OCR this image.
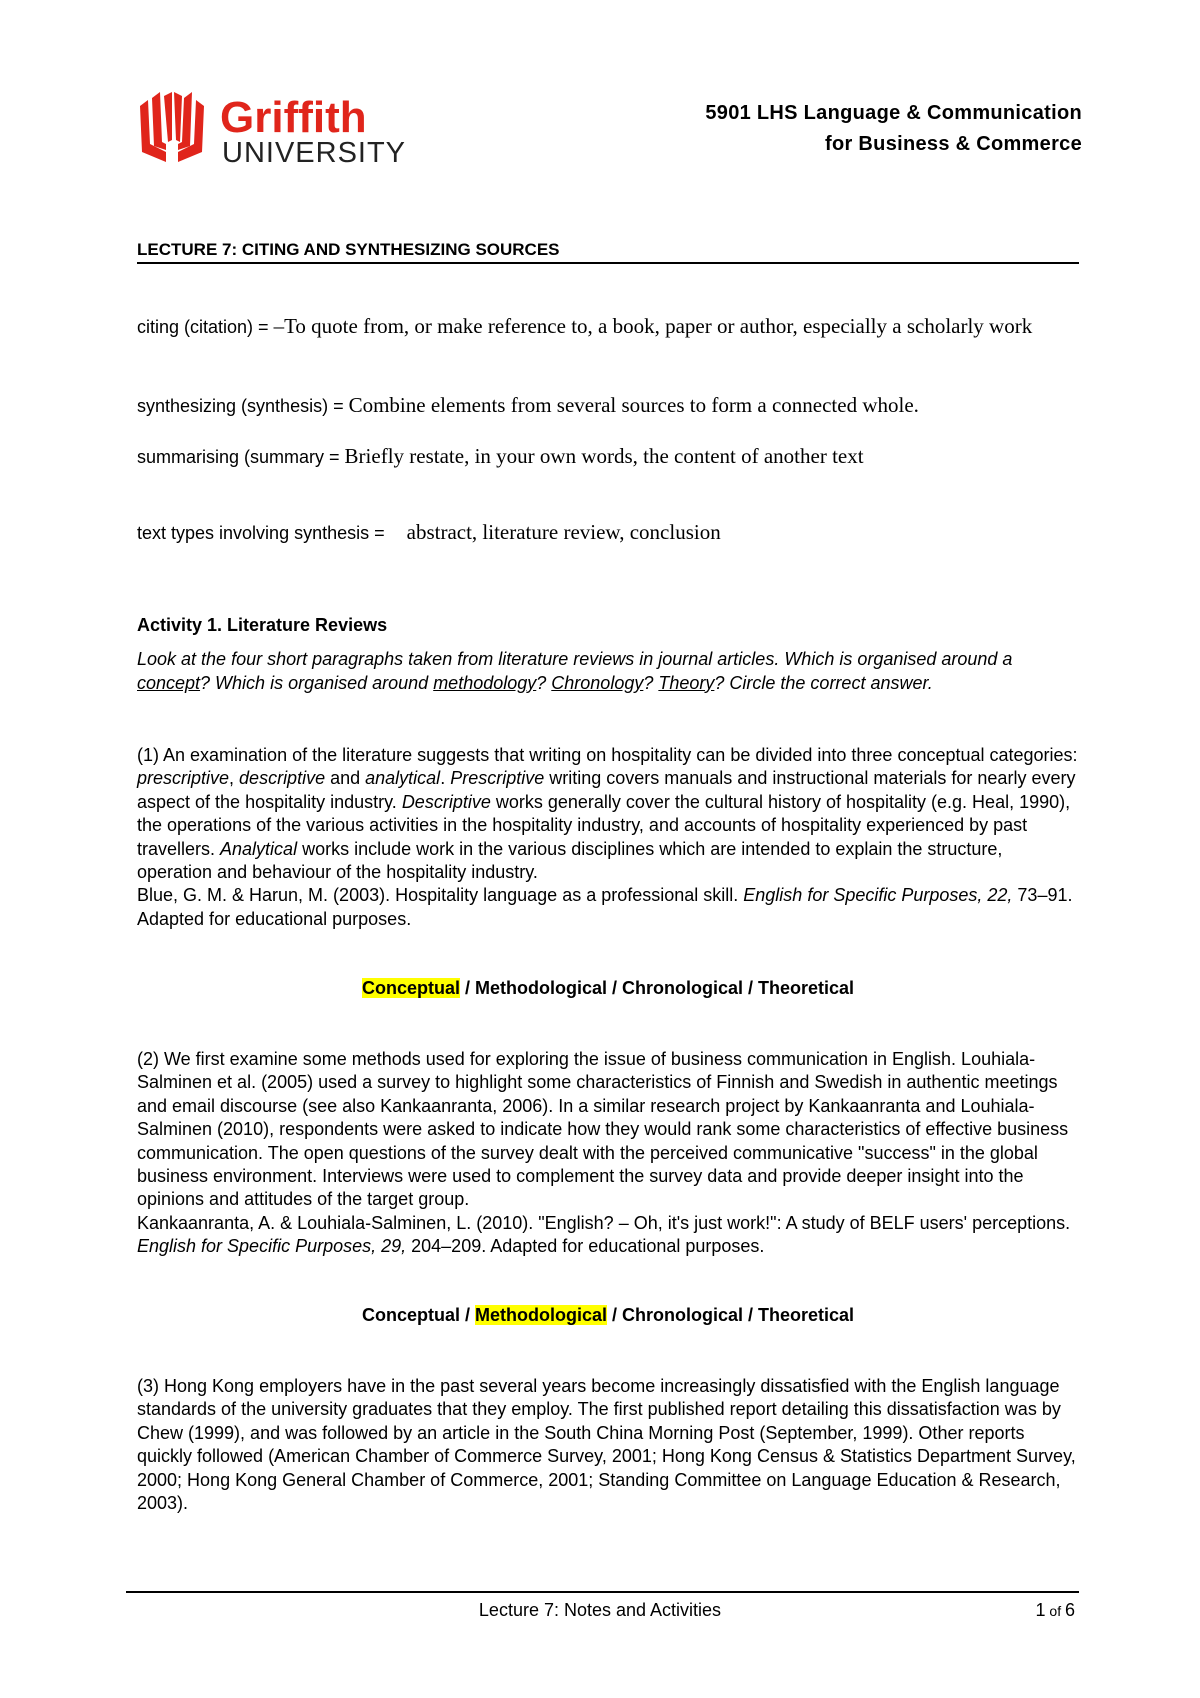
Griffith
UNIVERSITY
5901 LHS Language & Communication
for Business & Commerce
LECTURE 7: CITING AND SYNTHESIZING SOURCES
citing (citation) = –To quote from, or make reference to, a book, paper or author, especially a scholarly work
synthesizing (synthesis) = Combine elements from several sources to form a connected whole.
summarising (summary = Briefly restate, in your own words, the content of another text
text types involving synthesis = abstract, literature review, conclusion
Activity 1. Literature Reviews
Look at the four short paragraphs taken from literature reviews in journal articles. Which is organised around a concept? Which is organised around methodology? Chronology? Theory? Circle the correct answer.
(1) An examination of the literature suggests that writing on hospitality can be divided into three conceptual categories: prescriptive, descriptive and analytical. Prescriptive writing covers manuals and instructional materials for nearly every aspect of the hospitality industry. Descriptive works generally cover the cultural history of hospitality (e.g. Heal, 1990), the operations of the various activities in the hospitality industry, and accounts of hospitality experienced by past travellers. Analytical works include work in the various disciplines which are intended to explain the structure, operation and behaviour of the hospitality industry.
Blue, G. M. & Harun, M. (2003). Hospitality language as a professional skill. English for Specific Purposes, 22, 73–91. Adapted for educational purposes.
Conceptual / Methodological / Chronological / Theoretical
(2) We first examine some methods used for exploring the issue of business communication in English. Louhiala-Salminen et al. (2005) used a survey to highlight some characteristics of Finnish and Swedish in authentic meetings and email discourse (see also Kankaanranta, 2006). In a similar research project by Kankaanranta and Louhiala-Salminen (2010), respondents were asked to indicate how they would rank some characteristics of effective business communication. The open questions of the survey dealt with the perceived communicative "success" in the global business environment. Interviews were used to complement the survey data and provide deeper insight into the opinions and attitudes of the target group.
Kankaanranta, A. & Louhiala-Salminen, L. (2010). "English? – Oh, it's just work!": A study of BELF users' perceptions. English for Specific Purposes, 29, 204–209. Adapted for educational purposes.
Conceptual / Methodological / Chronological / Theoretical
(3) Hong Kong employers have in the past several years become increasingly dissatisfied with the English language standards of the university graduates that they employ. The first published report detailing this dissatisfaction was by Chew (1999), and was followed by an article in the South China Morning Post (September, 1999). Other reports quickly followed (American Chamber of Commerce Survey, 2001; Hong Kong Census & Statistics Department Survey, 2000; Hong Kong General Chamber of Commerce, 2001; Standing Committee on Language Education & Research, 2003).
Lecture 7: Notes and Activities	1 of 6
